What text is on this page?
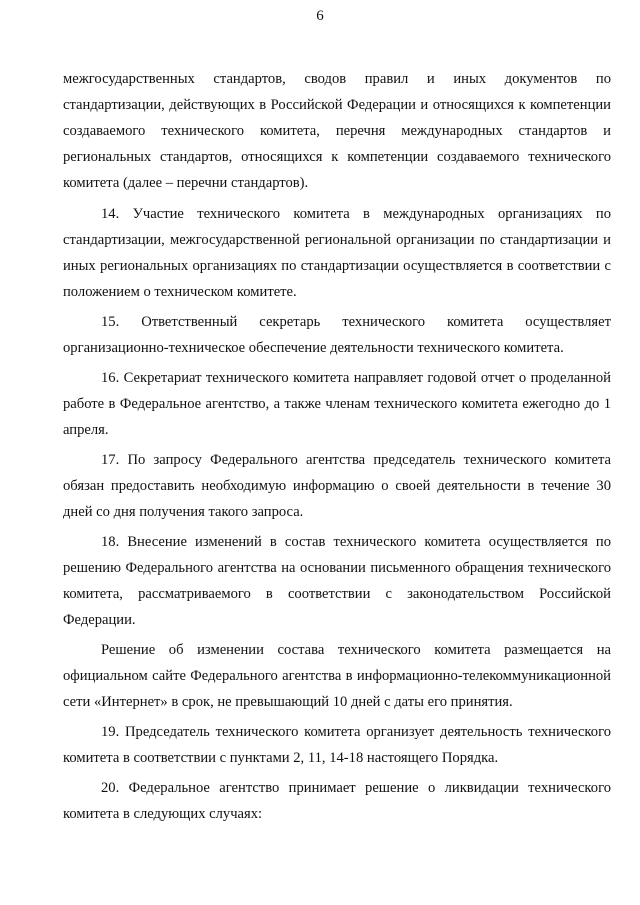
6

межгосударственных стандартов, сводов правил и иных документов по стандартизации, действующих в Российской Федерации и относящихся к компетенции создаваемого технического комитета, перечня международных стандартов и региональных стандартов, относящихся к компетенции создаваемого технического комитета (далее – перечни стандартов).

14. Участие технического комитета в международных организациях по стандартизации, межгосударственной региональной организации по стандартизации и иных региональных организациях по стандартизации осуществляется в соответствии с положением о техническом комитете.

15. Ответственный секретарь технического комитета осуществляет организационно-техническое обеспечение деятельности технического комитета.

16. Секретариат технического комитета направляет годовой отчет о проделанной работе в Федеральное агентство, а также членам технического комитета ежегодно до 1 апреля.

17. По запросу Федерального агентства председатель технического комитета обязан предоставить необходимую информацию о своей деятельности в течение 30 дней со дня получения такого запроса.

18. Внесение изменений в состав технического комитета осуществляется по решению Федерального агентства на основании письменного обращения технического комитета, рассматриваемого в соответствии с законодательством Российской Федерации.

Решение об изменении состава технического комитета размещается на официальном сайте Федерального агентства в информационно-телекоммуникационной сети «Интернет» в срок, не превышающий 10 дней с даты его принятия.

19. Председатель технического комитета организует деятельность технического комитета в соответствии с пунктами 2, 11, 14-18 настоящего Порядка.

20. Федеральное агентство принимает решение о ликвидации технического комитета в следующих случаях:
